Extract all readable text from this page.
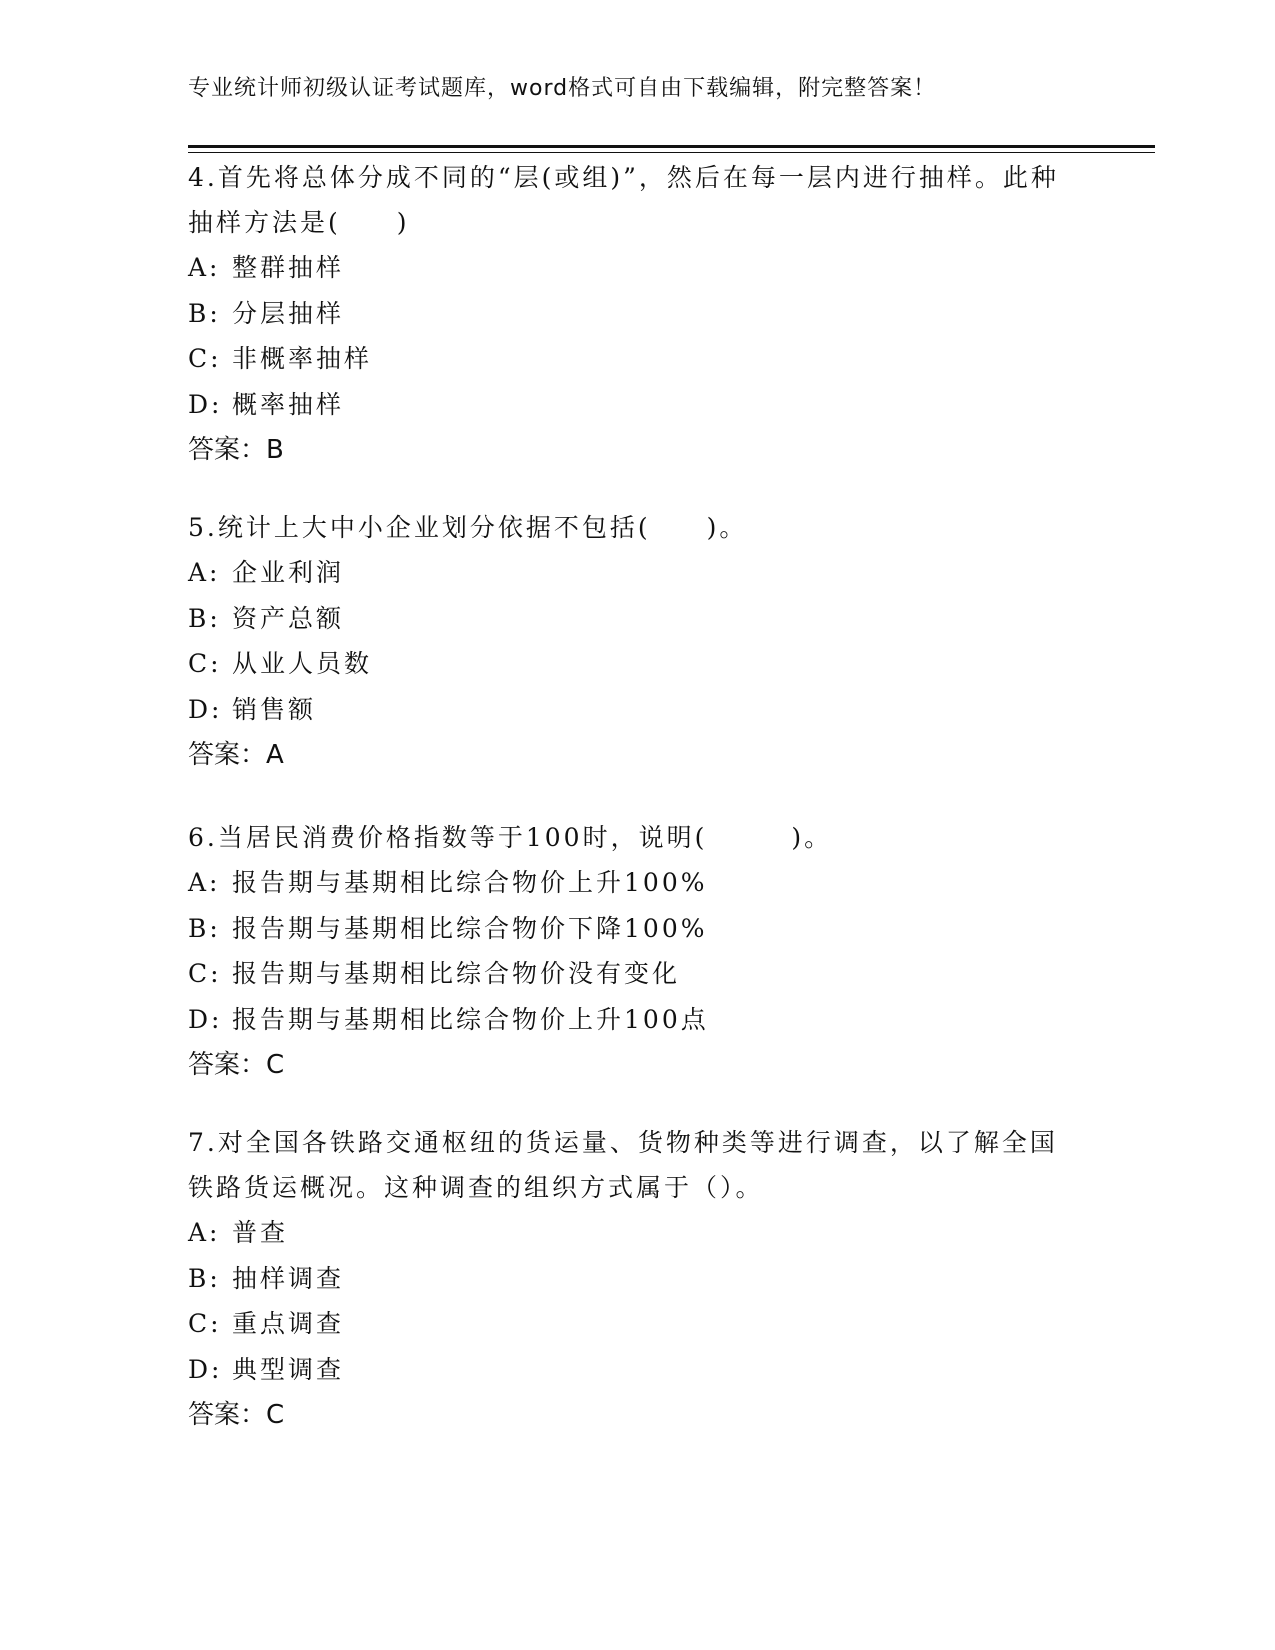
专业统计师初级认证考试题库，word格式可自由下载编辑，附完整答案！
4.首先将总体分成不同的“层(或组)”，然后在每一层内进行抽样。此种抽样方法是(　　)
A: 整群抽样
B: 分层抽样
C: 非概率抽样
D: 概率抽样
答案：B
5.统计上大中小企业划分依据不包括(　　)。
A: 企业利润
B: 资产总额
C: 从业人员数
D: 销售额
答案：A
6.当居民消费价格指数等于100时，说明(　　　)。
A: 报告期与基期相比综合物价上升100%
B: 报告期与基期相比综合物价下降100%
C: 报告期与基期相比综合物价没有变化
D: 报告期与基期相比综合物价上升100点
答案：C
7.对全国各铁路交通枢纽的货运量、货物种类等进行调查，以了解全国铁路货运概况。这种调查的组织方式属于（）。
A: 普查
B: 抽样调查
C: 重点调查
D: 典型调查
答案：C
